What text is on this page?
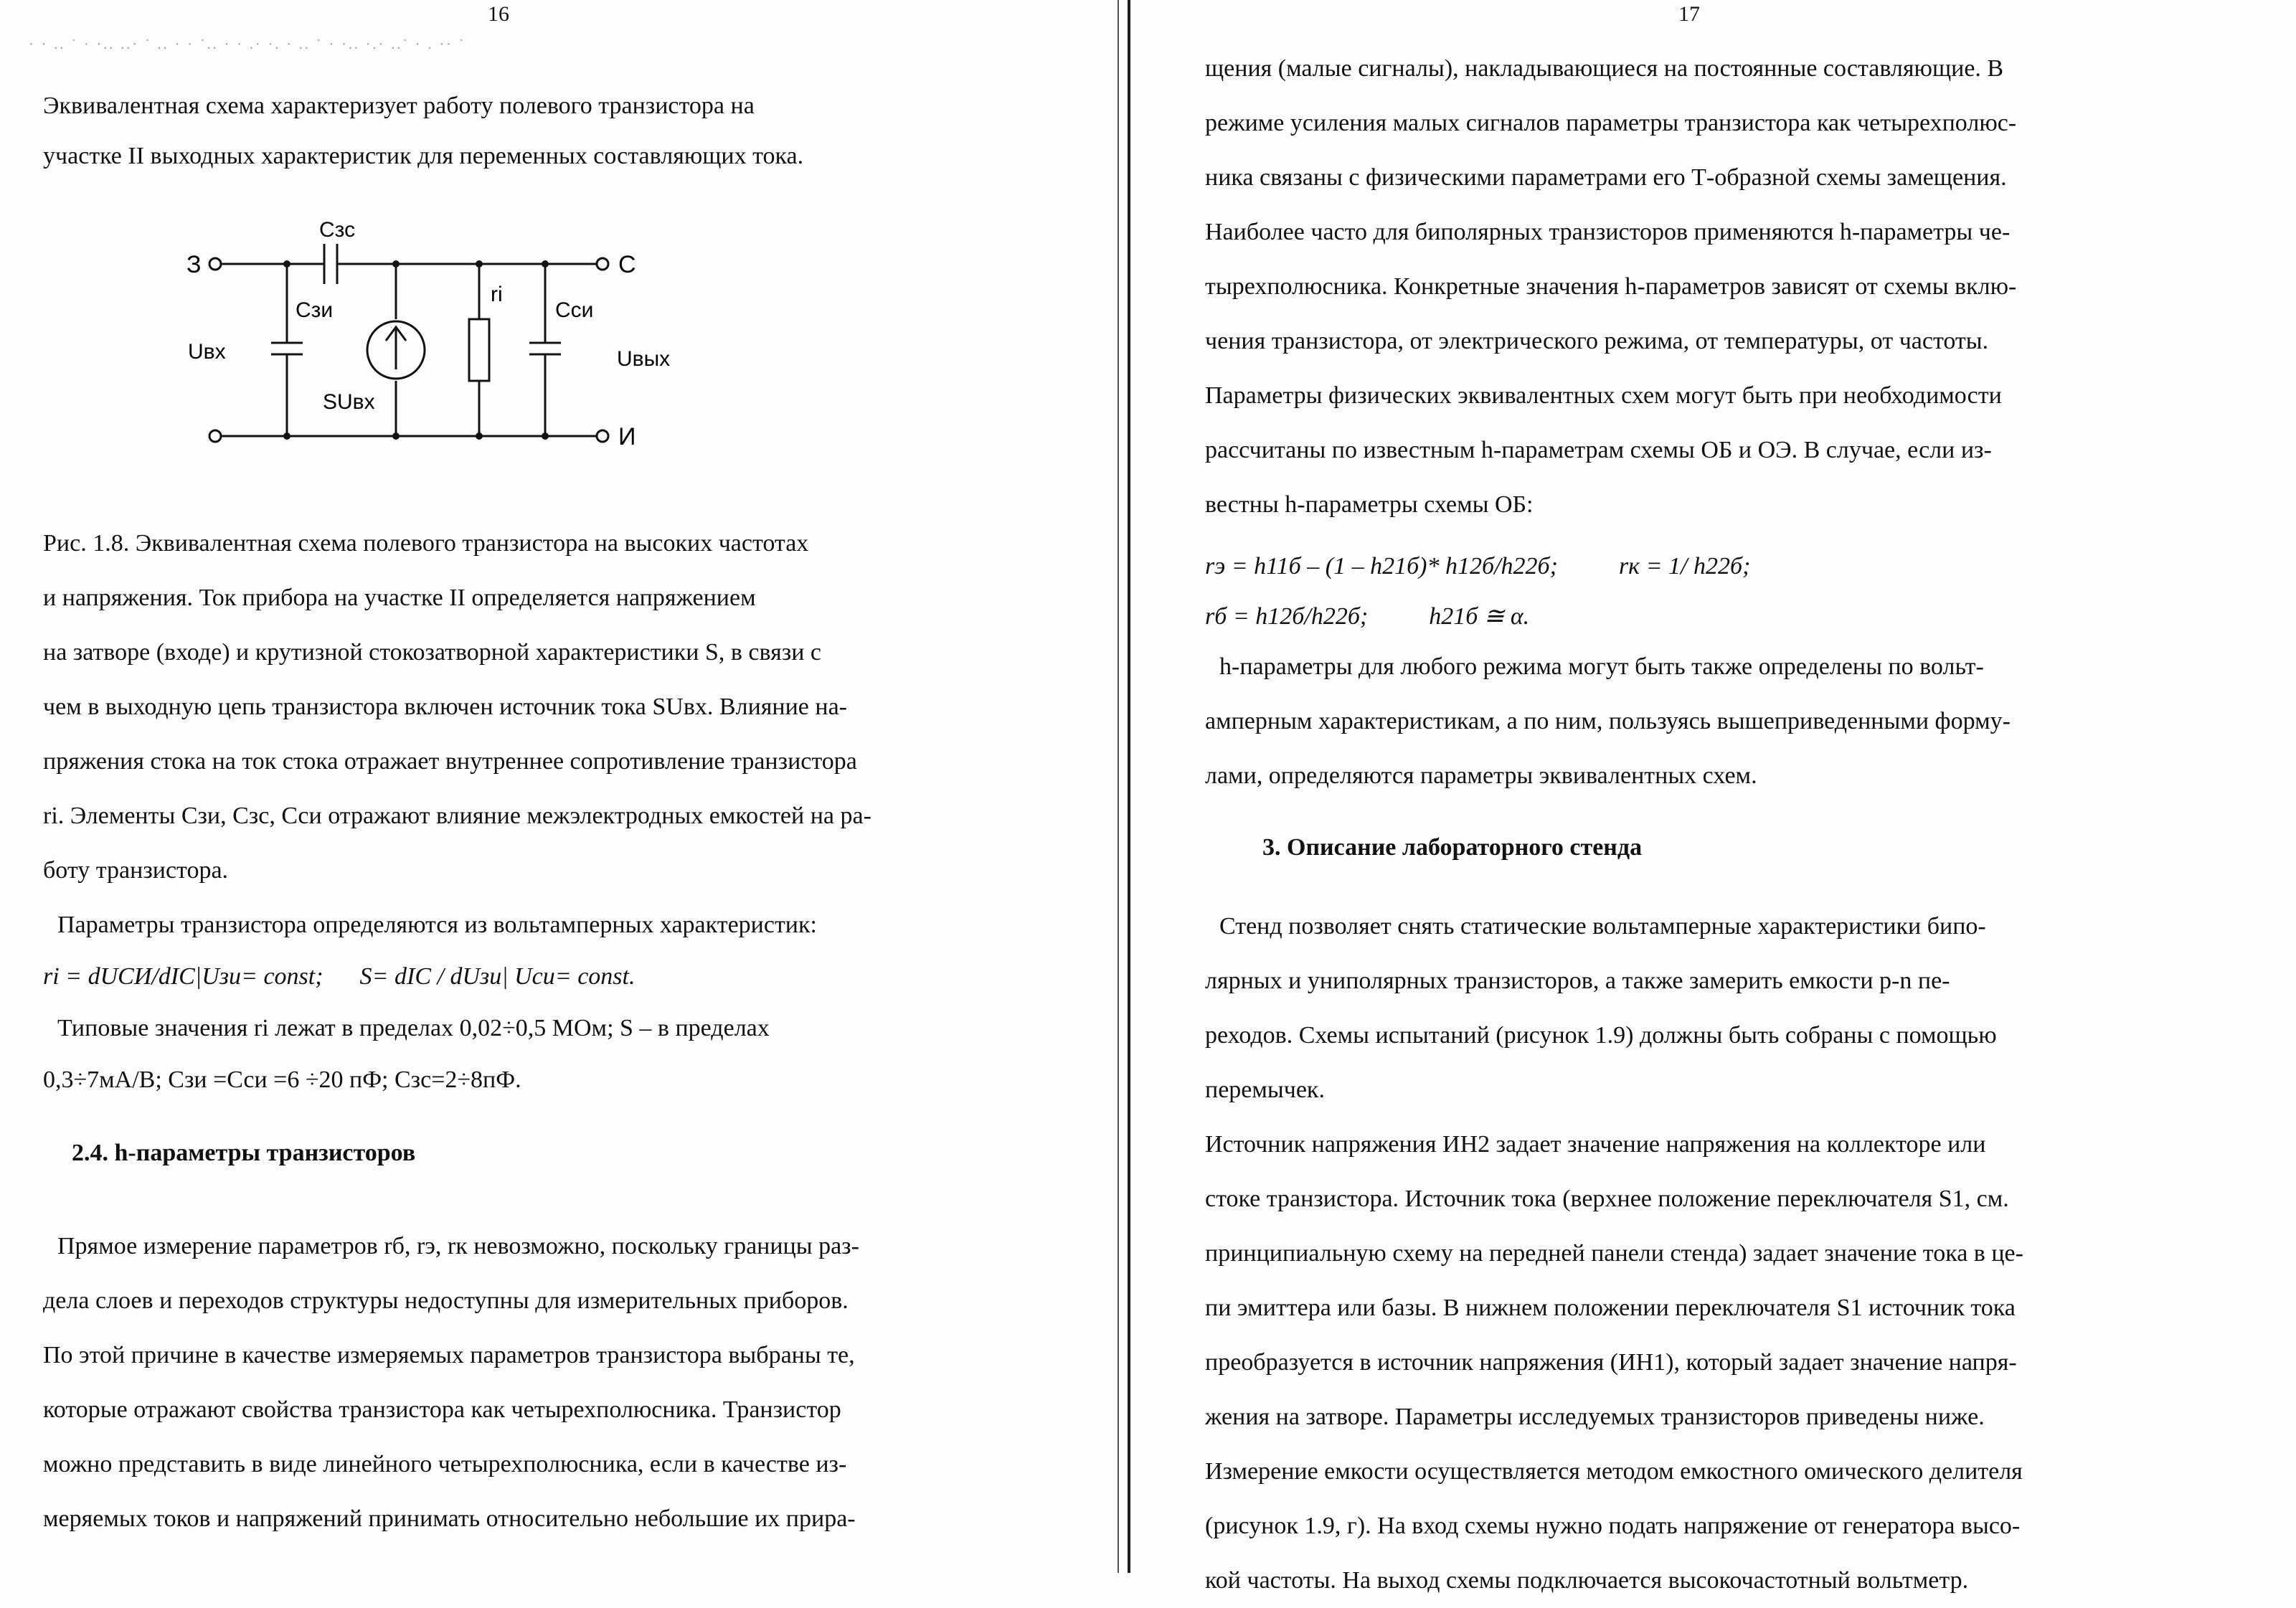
16
· · .. ˙ · ·.. ..· ˙ .. · · ˙.. · · .· ·. · .. ˙ · ·.. ·.· ..˙ · . ·· ˙

Эквивалентная схема характеризует работу полевого транзистора на

участке II выходных характеристик для переменных составляющих тока.

З	С
И
Сзс
Сзи	Сси
ri
Uвх	Uвых
SUвх

Рис. 1.8. Эквивалентная схема полевого транзистора на высоких частотах

и напряжения. Ток прибора на участке II определяется напряжением

на затворе (входе) и крутизной стокозатворной характеристики S, в связи с

чем в выходную цепь транзистора включен источник тока SUвх. Влияние на-

пряжения стока на ток стока отражает внутреннее сопротивление транзистора

ri. Элементы Сзи, Сзс, Сси отражают влияние межэлектродных емкостей на ра-

боту транзистора.

Параметры транзистора определяются из вольтамперных характеристик:

ri = dUСИ/dIС|Uзи= const;      S= dIС / dUзи| Uси= const.

Типовые значения ri лежат в пределах 0,02÷0,5 МОм; S – в пределах

0,3÷7мА/В; Сзи =Сси =6 ÷20 пФ; Сзс=2÷8пФ.

2.4. h-параметры транзисторов

Прямое измерение параметров rб, rэ, rк невозможно, поскольку границы раз-

дела слоев и переходов структуры недоступны для измерительных приборов.

По этой причине в качестве измеряемых параметров транзистора выбраны те,

которые отражают свойства транзистора как четырехполюсника. Транзистор

можно представить в виде линейного четырехполюсника, если в качестве из-

меряемых токов и напряжений принимать относительно небольшие их прира-

17

щения (малые сигналы), накладывающиеся на постоянные составляющие. В

режиме усиления малых сигналов параметры транзистора как четырехполюс-

ника связаны с физическими параметрами его Т-образной схемы замещения.

Наиболее часто для биполярных транзисторов применяются h-параметры че-

тырехполюсника. Конкретные значения h-параметров зависят от схемы вклю-

чения транзистора, от электрического режима, от температуры, от частоты.

Параметры физических эквивалентных схем могут быть при необходимости

рассчитаны по известным h-параметрам схемы ОБ и ОЭ. В случае, если из-

вестны h-параметры схемы ОБ:

rэ = h11б – (1 – h21б)* h12б/h22б;          rк = 1/ h22б;

rб = h12б/h22б;          h21б ≅ α.

h-параметры для любого режима могут быть также определены по вольт-

амперным характеристикам, а по ним, пользуясь вышеприведенными форму-

лами, определяются параметры эквивалентных схем.

3. Описание лабораторного стенда

Стенд позволяет снять статические вольтамперные характеристики бипо-

лярных и униполярных транзисторов, а также замерить емкости p-n пе-

реходов. Схемы испытаний (рисунок 1.9) должны быть собраны с помощью

перемычек.

Источник напряжения ИН2 задает значение напряжения на коллекторе или

стоке транзистора. Источник тока (верхнее положение переключателя S1, см.

принципиальную схему на передней панели стенда) задает значение тока в це-

пи эмиттера или базы. В нижнем положении переключателя S1 источник тока

преобразуется в источник напряжения (ИН1), который задает значение напря-

жения на затворе. Параметры исследуемых транзисторов приведены ниже.

Измерение емкости осуществляется методом емкостного омического делителя

(рисунок 1.9, г). На вход схемы нужно подать напряжение от генератора высо-

кой частоты. На выход схемы подключается высокочастотный вольтметр.
